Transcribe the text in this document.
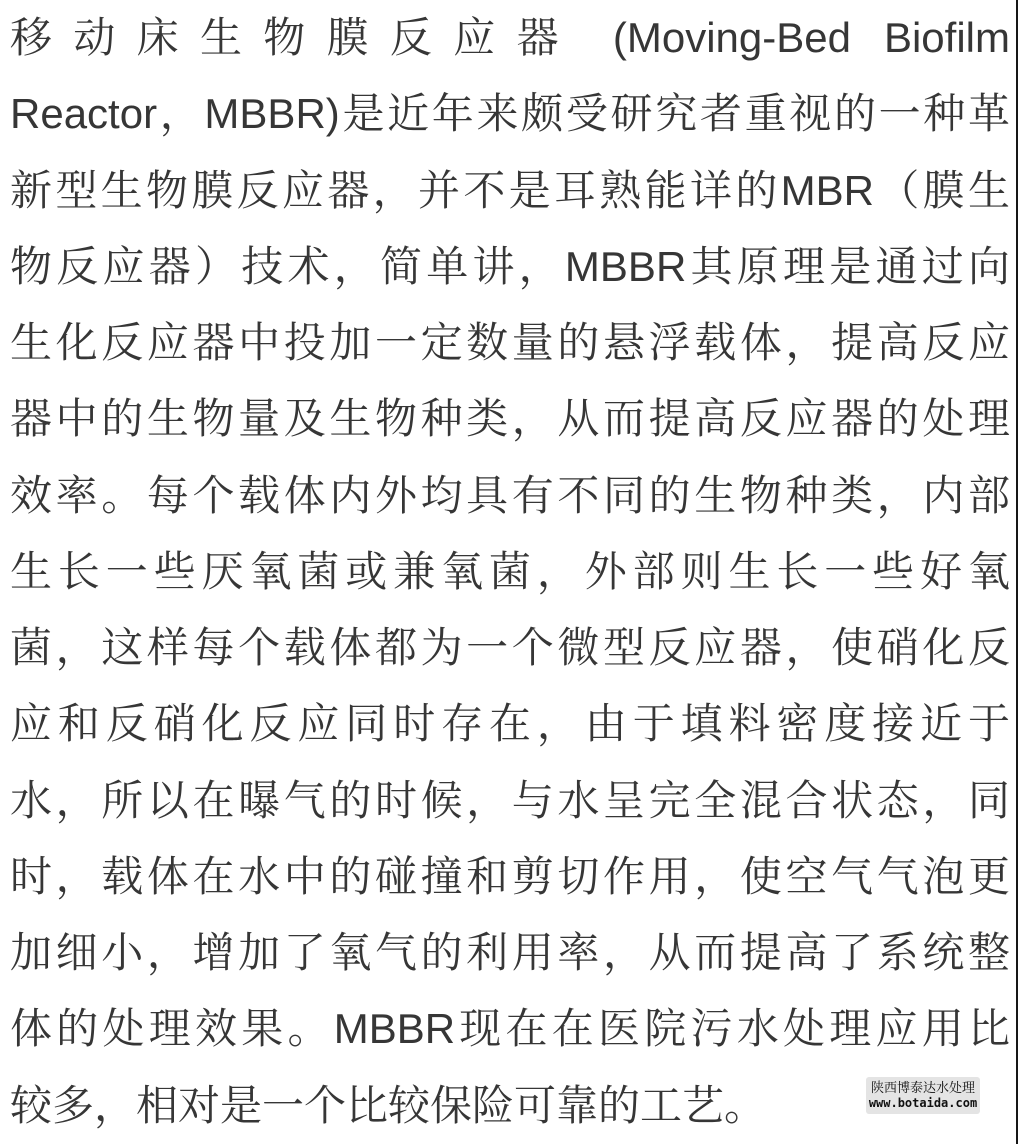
移动床生物膜反应器 (Moving-Bed Biofilm
Reactor，MBBR)是近年来颇受研究者重视的一种革
新型生物膜反应器，并不是耳熟能详的MBR（膜生
物反应器）技术，简单讲，MBBR其原理是通过向
生化反应器中投加一定数量的悬浮载体，提高反应
器中的生物量及生物种类，从而提高反应器的处理
效率。每个载体内外均具有不同的生物种类，内部
生长一些厌氧菌或兼氧菌，外部则生长一些好氧
菌，这样每个载体都为一个微型反应器，使硝化反
应和反硝化反应同时存在，由于填料密度接近于
水，所以在曝气的时候，与水呈完全混合状态，同
时，载体在水中的碰撞和剪切作用，使空气气泡更
加细小，增加了氧气的利用率，从而提高了系统整
体的处理效果。MBBR现在在医院污水处理应用比
较多，相对是一个比较保险可靠的工艺。	陕西博泰达水处理
www.botaida.com
